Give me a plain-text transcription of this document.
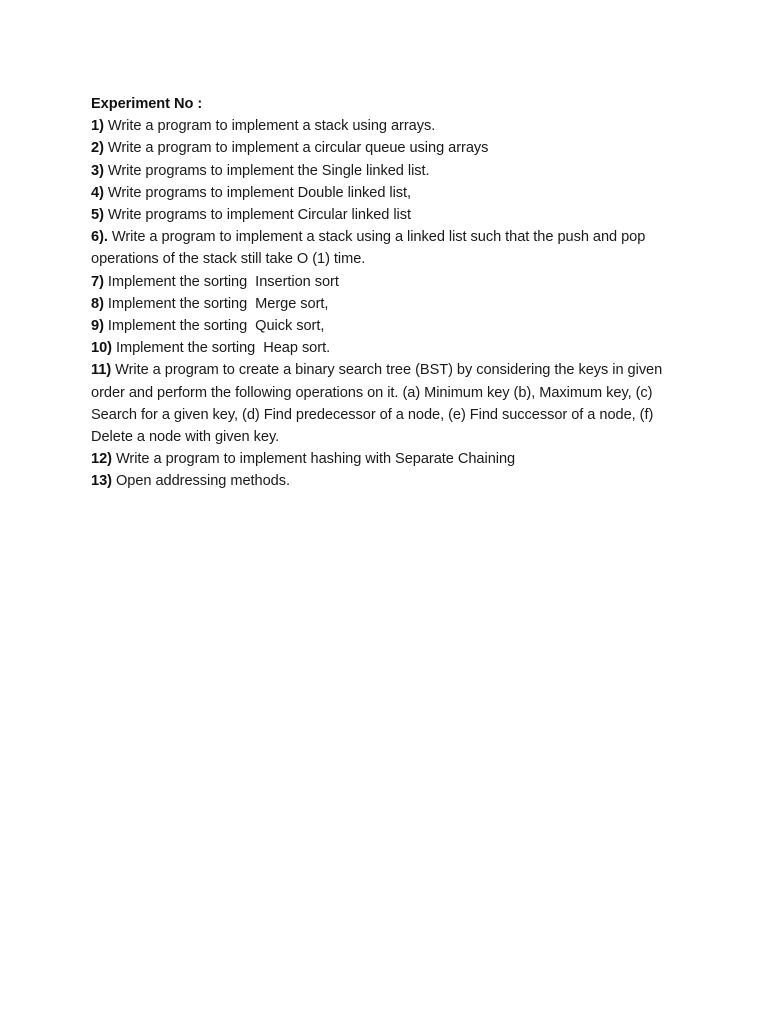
Experiment No :

1) Write a program to implement a stack using arrays.

2) Write a program to implement a circular queue using arrays

3) Write programs to implement the Single linked list.

4) Write programs to implement Double linked list,

5) Write programs to implement Circular linked list

6). Write a program to implement a stack using a linked list such that the push and pop operations of the stack still take O (1) time.

7) Implement the sorting  Insertion sort

8) Implement the sorting  Merge sort,

9) Implement the sorting  Quick sort,

10) Implement the sorting  Heap sort.

11) Write a program to create a binary search tree (BST) by considering the keys in given order and perform the following operations on it. (a) Minimum key (b), Maximum key, (c) Search for a given key, (d) Find predecessor of a node, (e) Find successor of a node, (f) Delete a node with given key.

12) Write a program to implement hashing with Separate Chaining

13) Open addressing methods.
